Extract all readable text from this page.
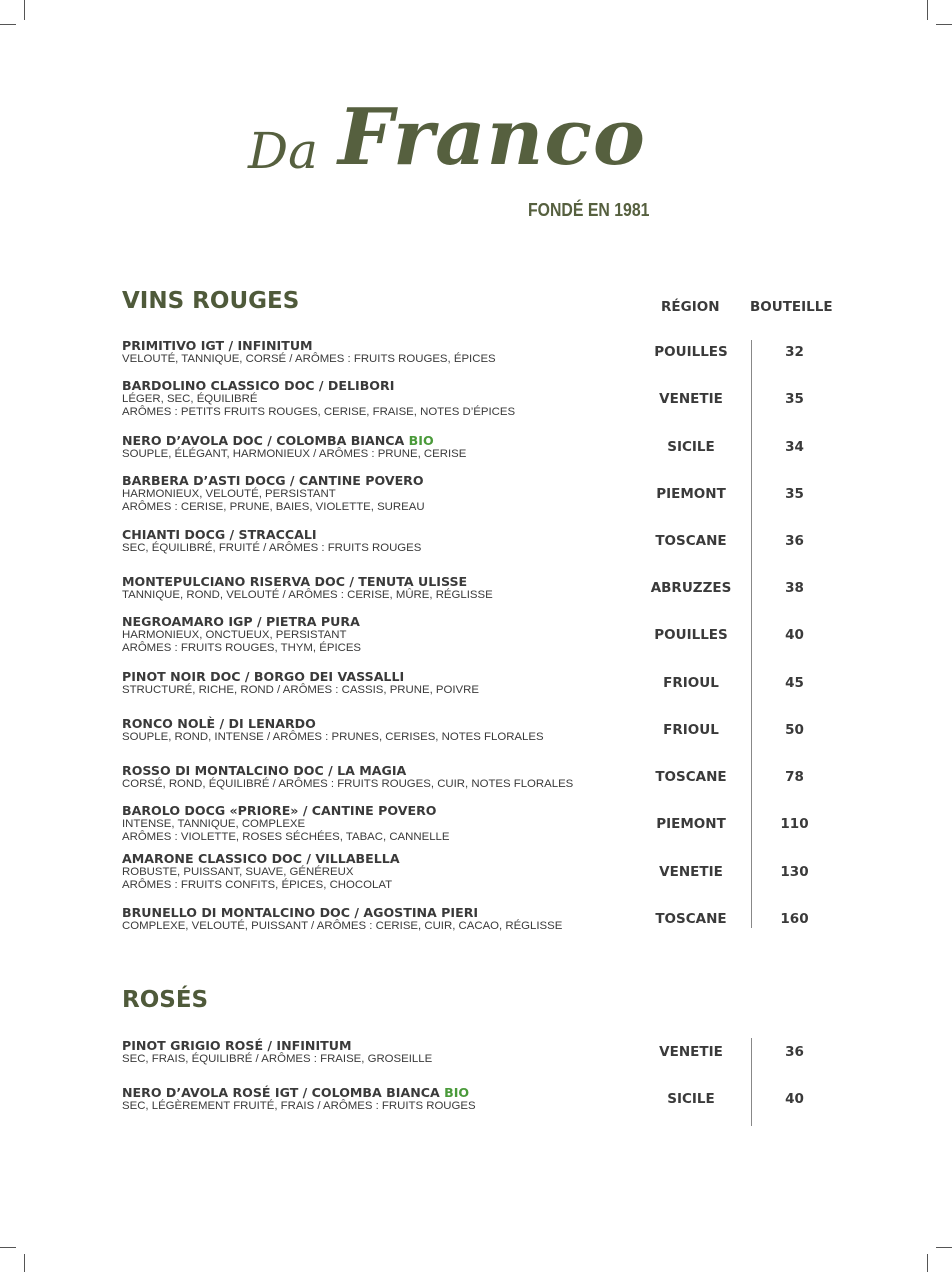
Da Franco
FONDÉ EN 1981
VINS ROUGES	RÉGION BOUTEILLE
PRIMITIVO IGT / INFINITUM
VELOUTÉ, TANNIQUE, CORSÉ / ARÔMES : FRUITS ROUGES, ÉPICES	POUILLES	32
BARDOLINO CLASSICO DOC / DELIBORI
LÉGER, SEC, ÉQUILIBRÉ
ARÔMES : PETITS FRUITS ROUGES, CERISE, FRAISE, NOTES D’ÉPICES
VENETIE	35
NERO D’AVOLA DOC / COLOMBA BIANCA BIO
SOUPLE, ÉLÉGANT, HARMONIEUX / ARÔMES : PRUNE, CERISE	SICILE	34
BARBERA D’ASTI DOCG / CANTINE POVERO
HARMONIEUX, VELOUTÉ, PERSISTANT
ARÔMES : CERISE, PRUNE, BAIES, VIOLETTE, SUREAU
PIEMONT	35
CHIANTI DOCG / STRACCALI
SEC, ÉQUILIBRÉ, FRUITÉ / ARÔMES : FRUITS ROUGES	TOSCANE	36
MONTEPULCIANO RISERVA DOC / TENUTA ULISSE
TANNIQUE, ROND, VELOUTÉ / ARÔMES : CERISE, MÛRE, RÉGLISSE	ABRUZZES	38
NEGROAMARO IGP / PIETRA PURA
HARMONIEUX, ONCTUEUX, PERSISTANT
ARÔMES : FRUITS ROUGES, THYM, ÉPICES
POUILLES	40
PINOT NOIR DOC / BORGO DEI VASSALLI
STRUCTURÉ, RICHE, ROND / ARÔMES : CASSIS, PRUNE, POIVRE	FRIOUL	45
RONCO NOLÈ / DI LENARDO
SOUPLE, ROND, INTENSE / ARÔMES : PRUNES, CERISES, NOTES FLORALES	FRIOUL	50
ROSSO DI MONTALCINO DOC / LA MAGIA
CORSÉ, ROND, ÉQUILIBRÉ / ARÔMES : FRUITS ROUGES, CUIR, NOTES FLORALES	TOSCANE	78
BAROLO DOCG «PRIORE» / CANTINE POVERO
INTENSE, TANNIQUE, COMPLEXE
ARÔMES : VIOLETTE, ROSES SÉCHÉES, TABAC, CANNELLE
PIEMONT	110
AMARONE CLASSICO DOC / VILLABELLA
ROBUSTE, PUISSANT, SUAVE, GÉNÉREUX
ARÔMES : FRUITS CONFITS, ÉPICES, CHOCOLAT
VENETIE	130
BRUNELLO DI MONTALCINO DOC / AGOSTINA PIERI
COMPLEXE, VELOUTÉ, PUISSANT / ARÔMES : CERISE, CUIR, CACAO, RÉGLISSE	TOSCANE	160
ROSÉS
PINOT GRIGIO ROSÉ / INFINITUM
SEC, FRAIS, ÉQUILIBRÉ / ARÔMES : FRAISE, GROSEILLE	VENETIE	36
NERO D’AVOLA ROSÉ IGT / COLOMBA BIANCA BIO
SEC, LÉGÈREMENT FRUITÉ, FRAIS / ARÔMES : FRUITS ROUGES	SICILE	40
